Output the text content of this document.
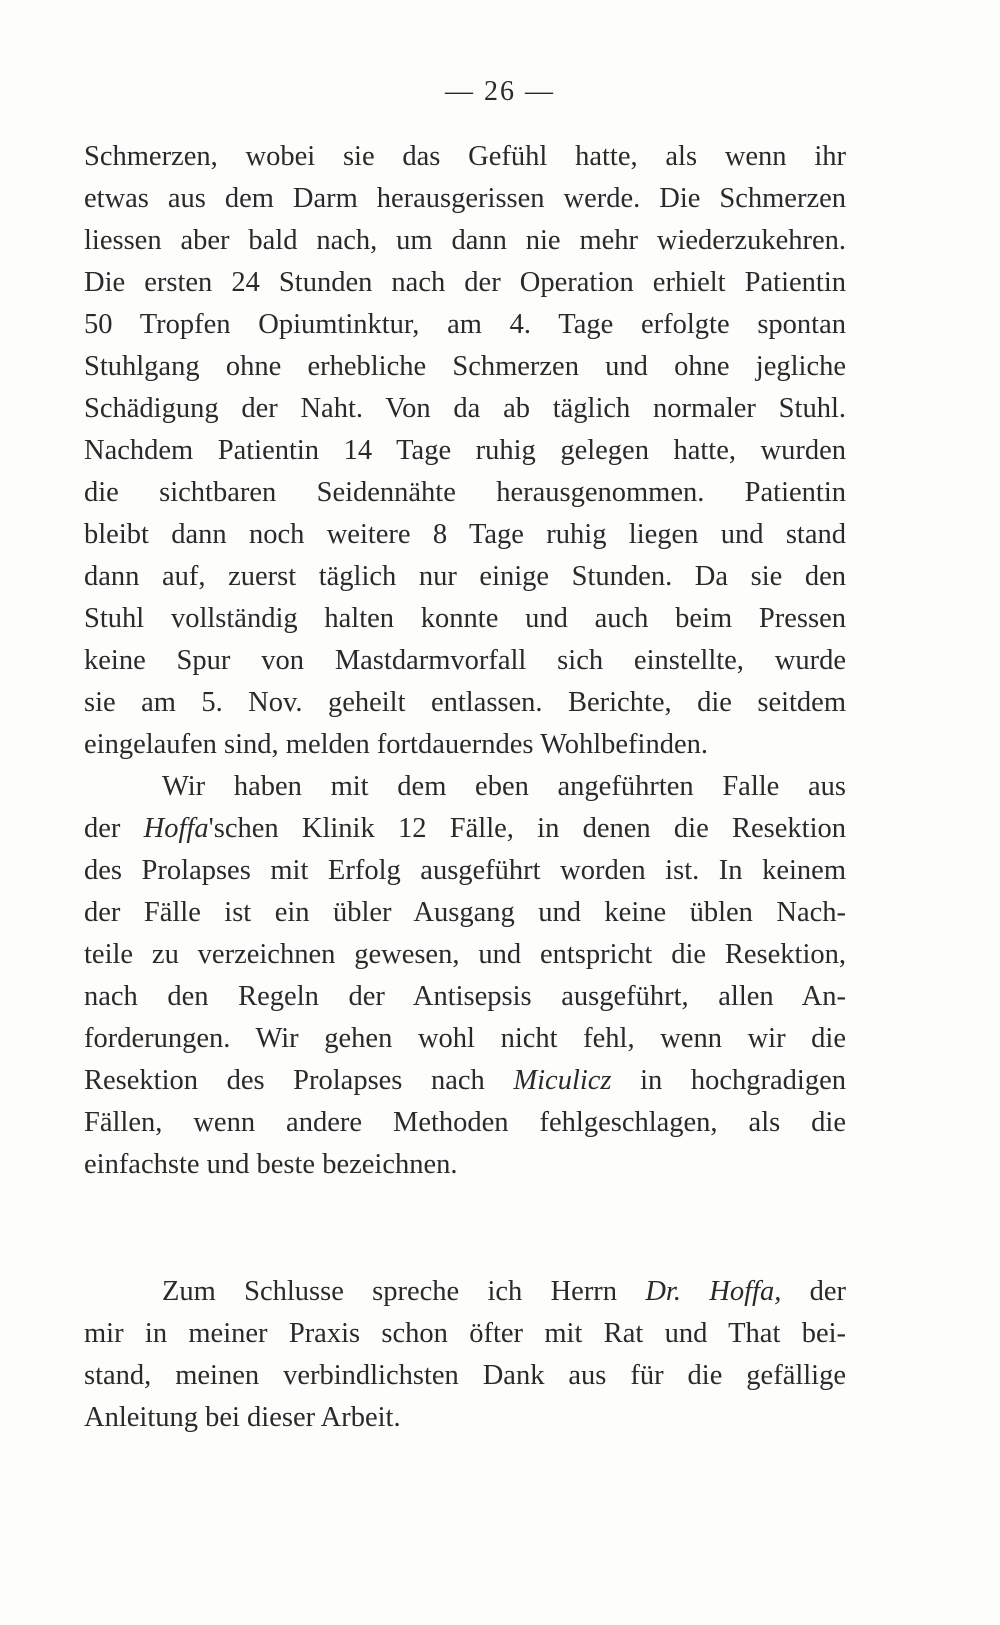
— 26 —
Schmerzen, wobei sie das Gefühl hatte, als wenn ihr
etwas aus dem Darm herausgerissen werde. Die Schmerzen
liessen aber bald nach, um dann nie mehr wiederzukehren.
Die ersten 24 Stunden nach der Operation erhielt Patientin
50 Tropfen Opiumtinktur, am 4. Tage erfolgte spontan
Stuhlgang ohne erhebliche Schmerzen und ohne jegliche
Schädigung der Naht. Von da ab täglich normaler Stuhl.
Nachdem Patientin 14 Tage ruhig gelegen hatte, wurden
die sichtbaren Seidennähte herausgenommen. Patientin
bleibt dann noch weitere 8 Tage ruhig liegen und stand
dann auf, zuerst täglich nur einige Stunden. Da sie den
Stuhl vollständig halten konnte und auch beim Pressen
keine Spur von Mastdarmvorfall sich einstellte, wurde
sie am 5. Nov. geheilt entlassen. Berichte, die seitdem
eingelaufen sind, melden fortdauerndes Wohlbefinden.
Wir haben mit dem eben angeführten Falle aus
der Hoffa'schen Klinik 12 Fälle, in denen die Resektion
des Prolapses mit Erfolg ausgeführt worden ist. In keinem
der Fälle ist ein übler Ausgang und keine üblen Nach-
teile zu verzeichnen gewesen, und entspricht die Resektion,
nach den Regeln der Antisepsis ausgeführt, allen An-
forderungen. Wir gehen wohl nicht fehl, wenn wir die
Resektion des Prolapses nach Miculicz in hochgradigen
Fällen, wenn andere Methoden fehlgeschlagen, als die
einfachste und beste bezeichnen.
Zum Schlusse spreche ich Herrn Dr. Hoffa, der
mir in meiner Praxis schon öfter mit Rat und That bei-
stand, meinen verbindlichsten Dank aus für die gefällige
Anleitung bei dieser Arbeit.
